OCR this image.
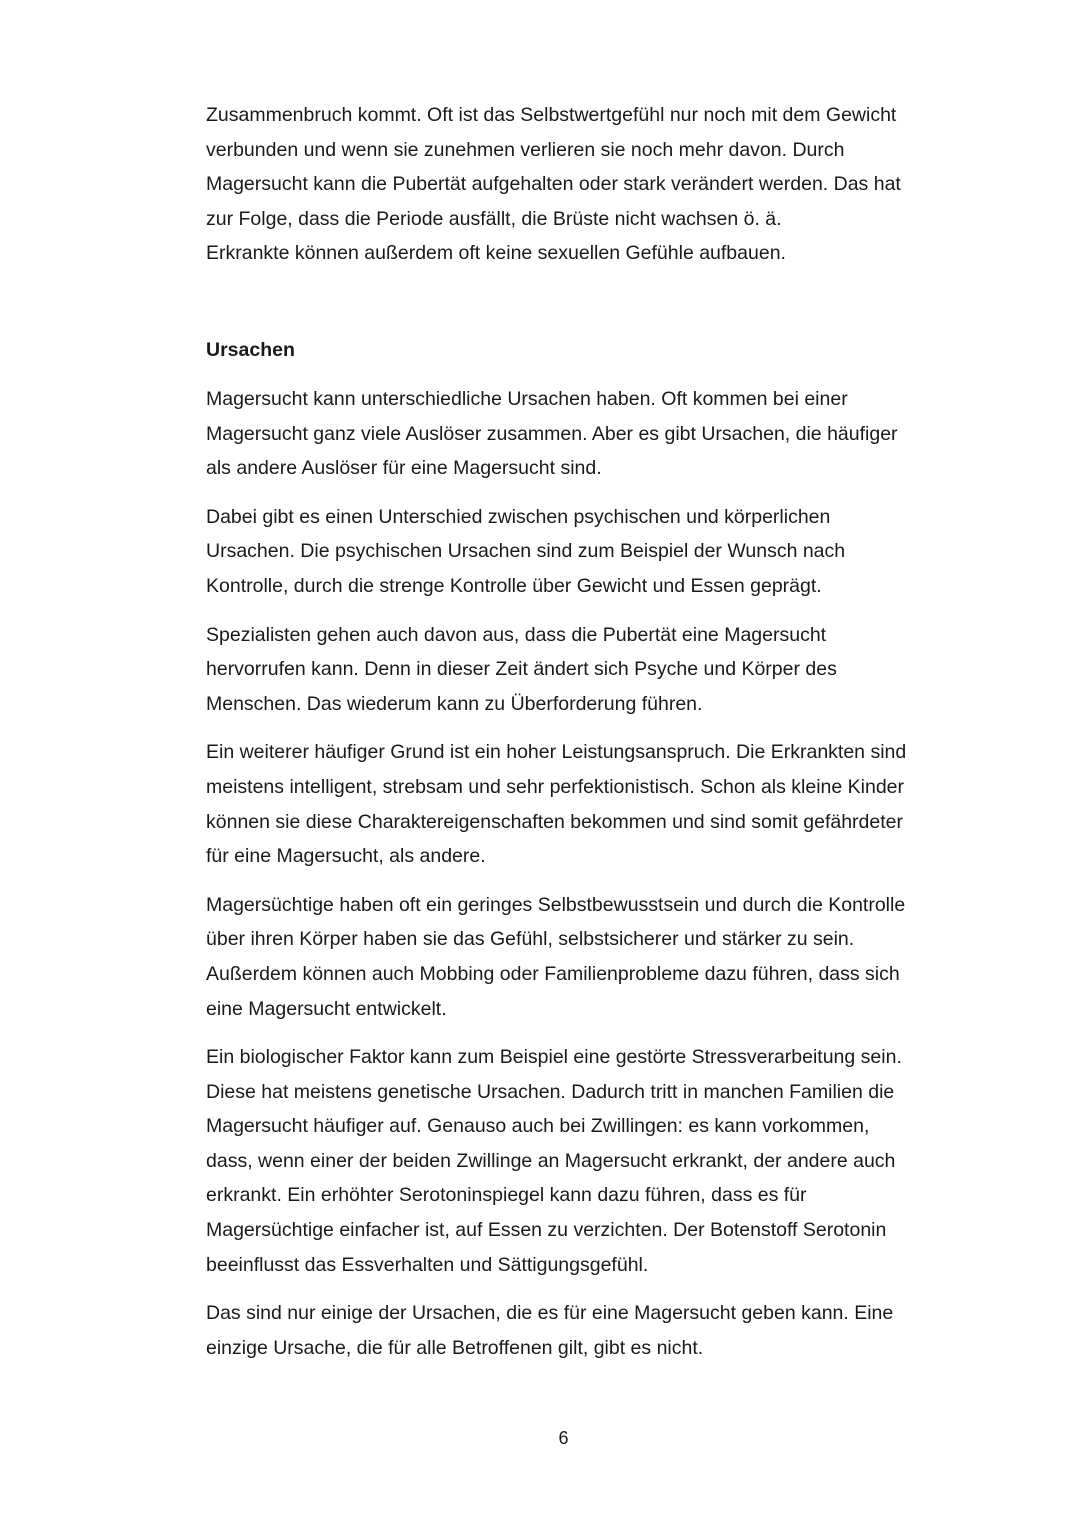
Zusammenbruch kommt. Oft ist das Selbstwertgefühl nur noch mit dem Gewicht
verbunden und wenn sie zunehmen verlieren sie noch mehr davon. Durch
Magersucht kann die Pubertät aufgehalten oder stark verändert werden. Das hat
zur Folge, dass die Periode ausfällt, die Brüste nicht wachsen ö. ä.
Erkrankte können außerdem oft keine sexuellen Gefühle aufbauen.
Ursachen

Magersucht kann unterschiedliche Ursachen haben. Oft kommen bei einer
Magersucht ganz viele Auslöser zusammen. Aber es gibt Ursachen, die häufiger
als andere Auslöser für eine Magersucht sind.

Dabei gibt es einen Unterschied zwischen psychischen und körperlichen
Ursachen. Die psychischen Ursachen sind zum Beispiel der Wunsch nach
Kontrolle, durch die strenge Kontrolle über Gewicht und Essen geprägt.

Spezialisten gehen auch davon aus, dass die Pubertät eine Magersucht
hervorrufen kann. Denn in dieser Zeit ändert sich Psyche und Körper des
Menschen. Das wiederum kann zu Überforderung führen.

Ein weiterer häufiger Grund ist ein hoher Leistungsanspruch. Die Erkrankten sind
meistens intelligent, strebsam und sehr perfektionistisch. Schon als kleine Kinder
können sie diese Charaktereigenschaften bekommen und sind somit gefährdeter
für eine Magersucht, als andere.

Magersüchtige haben oft ein geringes Selbstbewusstsein und durch die Kontrolle
über ihren Körper haben sie das Gefühl, selbstsicherer und stärker zu sein.
Außerdem können auch Mobbing oder Familienprobleme dazu führen, dass sich
eine Magersucht entwickelt.

Ein biologischer Faktor kann zum Beispiel eine gestörte Stressverarbeitung sein.
Diese hat meistens genetische Ursachen. Dadurch tritt in manchen Familien die
Magersucht häufiger auf. Genauso auch bei Zwillingen: es kann vorkommen,
dass, wenn einer der beiden Zwillinge an Magersucht erkrankt, der andere auch
erkrankt. Ein erhöhter Serotoninspiegel kann dazu führen, dass es für
Magersüchtige einfacher ist, auf Essen zu verzichten. Der Botenstoff Serotonin
beeinflusst das Essverhalten und Sättigungsgefühl.

Das sind nur einige der Ursachen, die es für eine Magersucht geben kann. Eine
einzige Ursache, die für alle Betroffenen gilt, gibt es nicht.

6
